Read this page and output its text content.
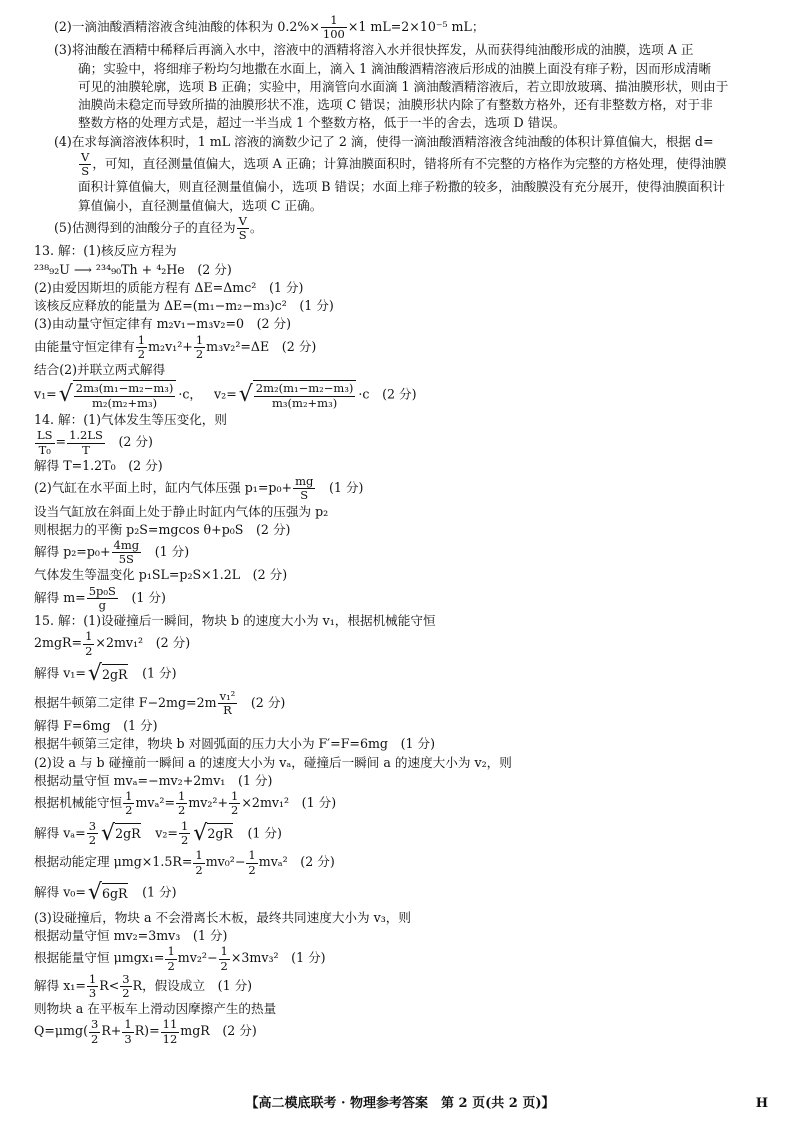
(2)一滴油酸酒精溶液含纯油酸的体积为 $0.2\%\times \frac{1}{100} \times 1$ mL=2×10⁻⁵ mL；
(3)将油酸在酒精中稀释后再滴入水中，溶液中的酒精将溶入水并很快挥发，从而获得纯油酸形成的油膜，选项 A 正
确；实验中，将细痱子粉均匀地撒在水面上，滴入 1 滴油酸酒精溶液后形成的油膜上面没有痱子粉，因而形成清晰
可见的油膜轮廓，选项 B 正确；实验中，用滴管向水面滴 1 滴油酸酒精溶液后，若立即放玻璃、描油膜形状，则由于
油膜尚未稳定而导致所描的油膜形状不准，选项 C 错误；油膜形状内除了有整数方格外，还有非整数方格，对于非
整数方格的处理方式是，超过一半当成 1 个整数方格，低于一半的舍去，选项 D 错误。
(4)在求每滴溶液体积时，1 mL 溶液的滴数少记了 2 滴，使得一滴油酸酒精溶液含纯油酸的体积计算值偏大，根据 d=
$\frac{V}{S}$ ，可知，直径测量值偏大，选项 A 正确；计算油膜面积时，错将所有不完整的方格作为完整的方格处理，使得油膜
面积计算值偏大，则直径测量值偏小，选项 B 错误；水面上痱子粉撒的较多，油酸膜没有充分展开，使得油膜面积计
算值偏小，直径测量值偏大，选项 C 正确。
(5)估测得到的油酸分子的直径为 $\frac{V}{S}$ 。
13. 解：(1)核反应方程为
²³⁸₉₂U ⟶ ²³⁴₉₀Th + ⁴₂He　(2 分)
(2)由爱因斯坦的质能方程有 ΔE=Δmc²　(1 分)
该核反应释放的能量为 ΔE=(m₁−m₂−m₃)c²　(1 分)
(3)由动量守恒定律有 m₂v₁−m₃v₂=0　(2 分)
由能量守恒定律有 $\frac{1}{2} m_2v_1^2+ \frac{1}{2} m_3v_2^2=\Delta E$　(2 分)
结合(2)并联立两式解得
$v_1=√ \frac{\text{2m₃(m₁−m₂−m₃)}}{\text{m₂(m₂+m₃)}} \cdot c$， $v_2=√ \frac{\text{2m₂(m₁−m₂−m₃)}}{\text{m₃(m₂+m₃)}} \cdot c$　(2 分)
14. 解：(1)气体发生等压变化，则
$\frac{LS}{\text{T₀}} = \frac{1.2LS}{T}$ 　(2 分)
解得 T=1.2T₀　(2 分)
(2)气缸在水平面上时，缸内气体压强 $p_1=p_0+ \frac{mg}{S}$ 　(1 分)
设当气缸放在斜面上处于静止时缸内气体的压强为 p₂
则根据力的平衡 p₂S=mgcos θ+p₀S　(2 分)
解得 $p_2=p_0+ \frac{4mg}{5S}$ 　(1 分)
气体发生等温变化 p₁SL=p₂S×1.2L　(2 分)
解得 $m= \frac{\text{5p₀S}}{g}$ 　(1 分)
15. 解：(1)设碰撞后一瞬间，物块 b 的速度大小为 v₁，根据机械能守恒
$2mgR= \frac{1}{2} \times 2mv_1^2$　(2 分)
解得 v₁=√2gR　(1 分)
根据牛顿第二定律 $F-2mg=2m \frac{\text{v₁²}}{R}$ 　(2 分)
解得 F=6mg　(1 分)
根据牛顿第三定律，物块 b 对圆弧面的压力大小为 F′=F=6mg　(1 分)
(2)设 a 与 b 碰撞前一瞬间 a 的速度大小为 vₐ，碰撞后一瞬间 a 的速度大小为 v₂，则
根据动量守恒 mvₐ=−mv₂+2mv₁　(1 分)
根据机械能守恒 $\frac{1}{2} mv_a^2= \frac{1}{2} mv_2^2+ \frac{1}{2} \times 2mv_1^2$　(1 分)
解得 $v_a= \frac{3}{2} √2gR$　$v_2= \frac{1}{2} √2gR$　(1 分)
根据动能定理 $\mu mg\times 1.5R= \frac{1}{2} mv_0^2- \frac{1}{2} mv_a^2$　(2 分)
解得 v₀=√6gR　(1 分)
(3)设碰撞后，物块 a 不会滑离长木板，最终共同速度大小为 v₃，则
根据动量守恒 mv₂=3mv₃　(1 分)
根据能量守恒 $\mu mgx_1= \frac{1}{2} mv_2^2- \frac{1}{2} \times 3mv_3^2$　(1 分)
解得 $x_1= \frac{1}{3} R< \frac{3}{2}$ R，假设成立　(1 分)
则物块 a 在平板车上滑动因摩擦产生的热量
$Q=\mu mg( \frac{3}{2} R+ \frac{1}{3} R)= \frac{11}{12}$ mgR　(2 分)
【高二模底联考 · 物理参考答案　第 2 页(共 2 页)】	H
